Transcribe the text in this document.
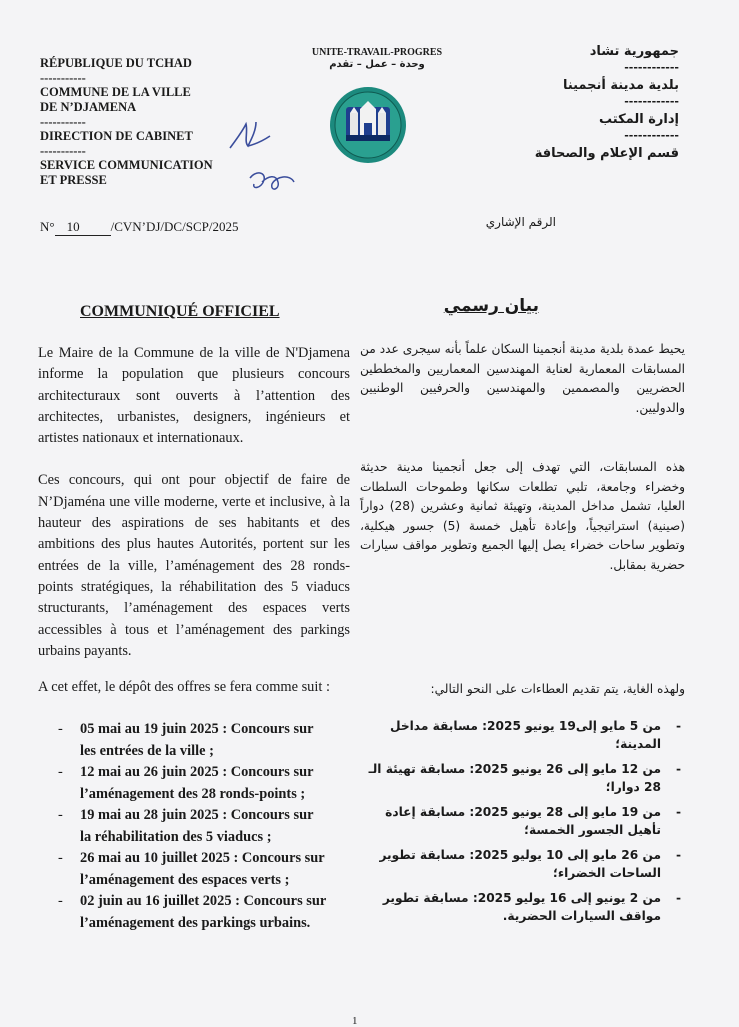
RÉPUBLIQUE DU TCHAD
-----------
COMMUNE DE LA VILLE
DE N’DJAMENA
-----------
DIRECTION DE CABINET
-----------
SERVICE COMMUNICATION
ET PRESSE
UNITE-TRAVAIL-PROGRES
وحدة – عمل – تقدم
جمهورية تشاد
------------
بلدية مدينة أنجمينا
------------
إدارة المكتب
------------
قسم الإعلام والصحافة
N° 10 /CVN’DJ/DC/SCP/2025	الرقم الإشاري
COMMUNIQUÉ OFFICIEL	بيان رسمي

Le Maire de la Commune de la ville de N'Djamena informe la population que plusieurs concours architecturaux sont ouverts à l’attention des architectes, urbanistes, designers, ingénieurs et artistes nationaux et internationaux.

Ces concours, qui ont pour objectif de faire de N’Djaména une ville moderne, verte et inclusive, à la hauteur des aspirations de ses habitants et des ambitions des plus hautes Autorités, portent sur les entrées de la ville, l’aménagement des 28 ronds-points stratégiques, la réhabilitation des 5 viaducs structurants, l’aménagement des espaces verts accessibles à tous et l’aménagement des parkings urbains payants.

A cet effet, le dépôt des offres se fera comme suit :

- 05 mai au 19 juin 2025 : Concours sur
les entrées de la ville ;
- 12 mai au 26 juin 2025 : Concours sur
l’aménagement des 28 ronds-points ;
- 19 mai au 28 juin 2025 : Concours sur
la réhabilitation des 5 viaducs ;
- 26 mai au 10 juillet 2025 : Concours sur
l’aménagement des espaces verts ;
- 02 juin au 16 juillet 2025 : Concours sur
l’aménagement des parkings urbains.

يحيط عمدة بلدية مدينة أنجمينا السكان علماً بأنه سيجرى عدد من المسابقات المعمارية لعناية المهندسين المعماريين والمخططين الحضريين والمصممين والمهندسين والحرفيين الوطنيين والدوليين.

هذه المسابقات، التي تهدف إلى جعل أنجمينا مدينة حديثة وخضراء وجامعة، تلبي تطلعات سكانها وطموحات السلطات العليا، تشمل مداخل المدينة، وتهيئة ثمانية وعشرين (28) دواراً (صينية) استراتيجياً، وإعادة تأهيل خمسة (5) جسور هيكلية، وتطوير ساحات خضراء يصل إليها الجميع وتطوير مواقف سيارات حضرية بمقابل.

ولهذه الغاية، يتم تقديم العطاءات على النحو التالي:

- من 5 مايو إلى19 يونيو 2025: مسابقة مداخل المدينة؛
- من 12 مايو إلى 26 يونيو 2025: مسابقة تهيئة الـ 28 دوارا؛
- من 19 مايو إلى 28 يونيو 2025: مسابقة إعادة تأهيل الجسور الخمسة؛
- من 26 مايو إلى 10 يوليو 2025: مسابقة تطوير الساحات الخضراء؛
- من 2 يونيو إلى 16 يوليو 2025: مسابقة تطوير مواقف السيارات الحضرية.
1
